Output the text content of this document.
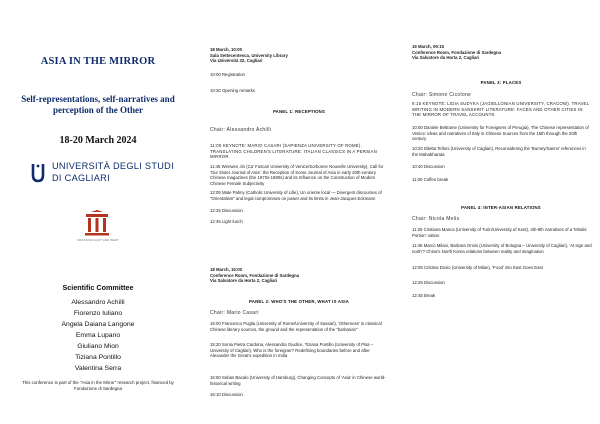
ASIA IN THE MIRROR
Self-representations, self-narratives and perception of the Other
18-20 March 2024
UNIVERSITÀ DEGLI STUDI
DI CAGLIARI
CROSSING EAST AND WEST
Scientific Committee
Alessandro Achilli
Fiorenzo Iuliano
Angela Daiana Langone
Emma Lupano
Giuliano Mion
Tiziana Pontillo
Valentina Serra
This conference is part of the "Asia in the Mirror" research project, financed by Fondazione di Sardegna
18 March, 10:00
Sala Settecentesca, University Library
Via Università 32, Cagliari
10:00 Registration
10:30 Opening remarks
PANEL 1: RECEPTIONS
Chair: Alessandro Achilli
11:00 KEYNOTE: MARIO CASARI (SAPIENZA UNIVERSITY OF ROME), TRANSLATING CHILDREN'S LITERATURE: ITALIAN CLASSICS IN A PERSIAN MIRROR
11:45 Wenwen Jin (Ca' Foscari University of Venice/Sorbonne Nouvelle University), Call for 'Our Sister Journal of Asia': the Reception of Some Journal of Asia in early 20th-century Chinese magazines (the 1970s-1980s) and its Influence on the Construction of Modern Chinese Female Subjectivity
12:05 Mate Palmy (Catholic University of Lille), Un oriente local — Divergent discourses of "Orientalism" and legal compromises on power and its limits in Jean-Jacques Eckmann
12:25 Discussion
12:45 Light lunch
18 March, 15:00
Conference Room, Fondazione di Sardegna
Via Salvatore da Horta 2, Cagliari
PANEL 2: WHO'S THE OTHER, WHAT IS ASIA
Chair: Mario Casari
15:00 Francesco Puglia (University of Rome/University of Sassari), 'Otherness' in classical Chinese literary sources, the ground and the representation of the "barbarian"
15:20 Sonia Pietra Cardona, Alessandra Giudice, Tiziana Pontillo (University of Pisa – University of Cagliari), Who is the foreigner? Redefining boundaries before and after Alexander the Great's expedition in India
15:50 Sebas Bacalo (University of Hamburg), Changing Concepts of 'Asia' in Chinese world-historical writing
16:10 Discussion
19 March, 09:15
Conference Room, Fondazione di Sardegna
Via Salvatore da Horta 2, Cagliari
PANEL 3: PLACES
Chair: Simone Cicolone
9:15 KEYNOTE: LIDIA SUDYKA (JAGIELLONIAN UNIVERSITY, CRACOW), TRAVEL WRITING IN MODERN SANSKRIT LITERATURE: FACES AND OTHER CITIES IN THE MIRROR OF TRAVEL ACCOUNTS
10:00 Daniele Beltrame (University for Foreigners of Perugia), The Chinese representation of Venice: ideas and narratives of Italy in Chinese Sources from the 15th through the 20th century
10:20 Diletta Telloni (University of Cagliari), Reconsidering the 'Burney/Sanmi' references in the Mahabharata
10:40 Discussion
11:00 Coffee break
PANEL 4: INTER-ASIAN RELATIONS
Chair: Nicola Melis
11:25 Cristiana Manca (University of Turin/University of Kent), 4th-9th narratives of a 'Miralis Portion' nation
11:45 Marco Milani, Barbara Onnis (University of Bologna – University of Cagliari), 'At sign and north'? China's North Korea relations between reality and imagination
12:05 Cristina Dosio (University of Milan), 'Food' into East Goes East
12:25 Discussion
12:45 Break
